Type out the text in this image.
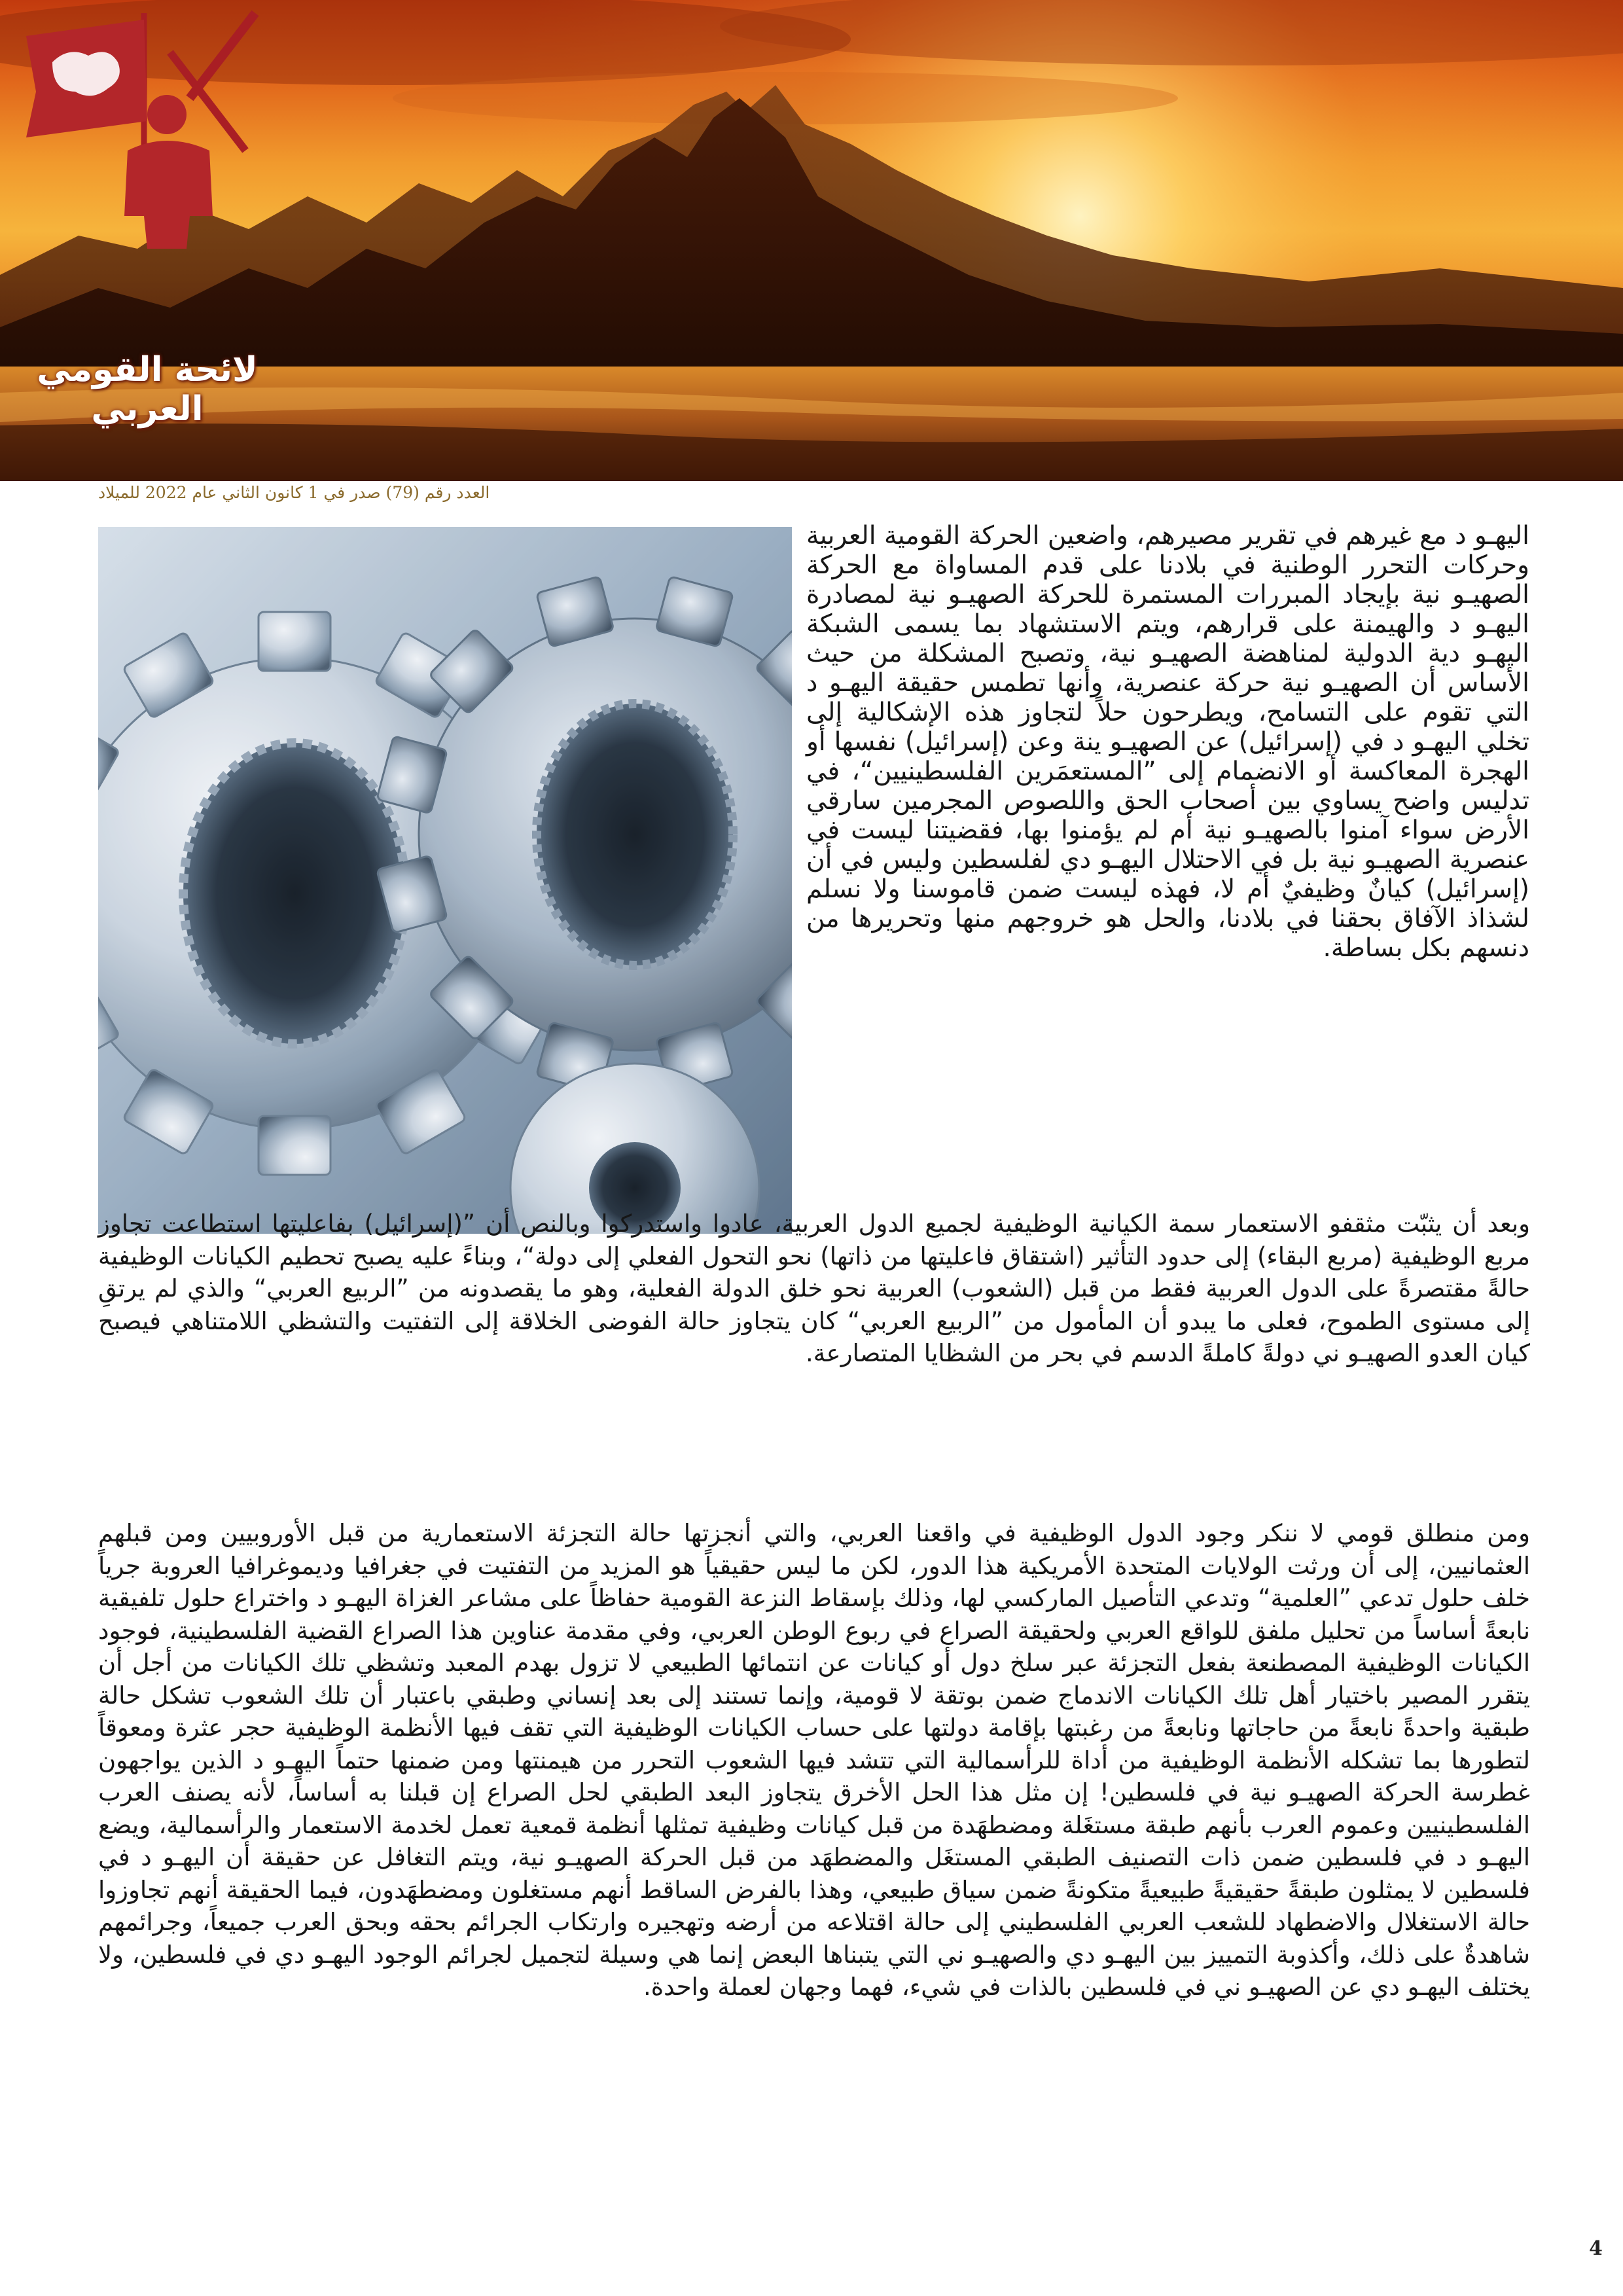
لائحة القومي العربي
العدد رقم (79) صدر في 1 كانون الثاني عام 2022 للميلاد
اليهـو د مع غيرهم في تقرير مصيرهم، واضعين الحركة القومية العربية وحركات التحرر الوطنية في بلادنا على قدم المساواة مع الحركة الصهيـو نية بإيجاد المبررات المستمرة للحركة الصهيـو نية لمصادرة اليهـو د والهيمنة على قرارهم، ويتم الاستشهاد بما يسمى الشبكة اليهـو دية الدولية لمناهضة الصهيـو نية، وتصبح المشكلة من حيث الأساس أن الصهيـو نية حركة عنصرية، وأنها تطمس حقيقة اليهـو د التي تقوم على التسامح، ويطرحون حلاً لتجاوز هذه الإشكالية إلى تخلي اليهـو د في (إسرائيل) عن الصهيـو ينة وعن (إسرائيل) نفسها أو الهجرة المعاكسة أو الانضمام إلى ”المستعمَرين الفلسطينيين“، في تدليس واضح يساوي بين أصحاب الحق واللصوص المجرمين سارقي الأرض سواء آمنوا بالصهيـو نية أم لم يؤمنوا بها، فقضيتنا ليست في عنصرية الصهيـو نية بل في الاحتلال اليهـو دي لفلسطين وليس في أن (إسرائيل) كيانٌ وظيفيٌ أم لا، فهذه ليست ضمن قاموسنا ولا نسلم لشذاذ الآفاق بحقنا في بلادنا، والحل هو خروجهم منها وتحريرها من دنسهم بكل بساطة.
وبعد أن يثبّت مثقفو الاستعمار سمة الكيانية الوظيفية لجميع الدول العربية، عادوا واستدركوا وبالنص أن ”(إسرائيل) بفاعليتها استطاعت تجاوز مربع الوظيفية (مربع البقاء) إلى حدود التأثير (اشتقاق فاعليتها من ذاتها) نحو التحول الفعلي إلى دولة“، وبناءً عليه يصبح تحطيم الكيانات الوظيفية حالةً مقتصرةً على الدول العربية فقط من قبل (الشعوب) العربية نحو خلق الدولة الفعلية، وهو ما يقصدونه من ”الربيع العربي“ والذي لم يرتقِ إلى مستوى الطموح، فعلى ما يبدو أن المأمول من ”الربيع العربي“ كان يتجاوز حالة الفوضى الخلاقة إلى التفتيت والتشظي اللامتناهي فيصبح كيان العدو الصهيـو ني دولةً كاملةً الدسم في بحر من الشظايا المتصارعة.
ومن منطلق قومي لا ننكر وجود الدول الوظيفية في واقعنا العربي، والتي أنجزتها حالة التجزئة الاستعمارية من قبل الأوروبيين ومن قبلهم العثمانيين، إلى أن ورثت الولايات المتحدة الأمريكية هذا الدور، لكن ما ليس حقيقياً هو المزيد من التفتيت في جغرافيا وديموغرافيا العروبة جرياً خلف حلول تدعي ”العلمية“ وتدعي التأصيل الماركسي لها، وذلك بإسقاط النزعة القومية حفاظاً على مشاعر الغزاة اليهـو د واختراع حلول تلفيقية نابعةً أساساً من تحليل ملفق للواقع العربي ولحقيقة الصراع في ربوع الوطن العربي، وفي مقدمة عناوين هذا الصراع القضية الفلسطينية، فوجود الكيانات الوظيفية المصطنعة بفعل التجزئة عبر سلخ دول أو كيانات عن انتمائها الطبيعي لا تزول بهدم المعبد وتشظي تلك الكيانات من أجل أن يتقرر المصير باختيار أهل تلك الكيانات الاندماج ضمن بوتقة لا قومية، وإنما تستند إلى بعد إنساني وطبقي باعتبار أن تلك الشعوب تشكل حالة طبقية واحدةً نابعةً من حاجاتها ونابعةً من رغبتها بإقامة دولتها على حساب الكيانات الوظيفية التي تقف فيها الأنظمة الوظيفية حجر عثرة ومعوقاً لتطورها بما تشكله الأنظمة الوظيفية من أداة للرأسمالية التي تتشد فيها الشعوب التحرر من هيمنتها ومن ضمنها حتماً اليهـو د الذين يواجهون غطرسة الحركة الصهيـو نية في فلسطين! إن مثل هذا الحل الأخرق يتجاوز البعد الطبقي لحل الصراع إن قبلنا به أساساً، لأنه يصنف العرب الفلسطينيين وعموم العرب بأنهم طبقة مستغَلة ومضطهَدة من قبل كيانات وظيفية تمثلها أنظمة قمعية تعمل لخدمة الاستعمار والرأسمالية، ويضع اليهـو د في فلسطين ضمن ذات التصنيف الطبقي المستغَل والمضطهَد من قبل الحركة الصهيـو نية، ويتم التغافل عن حقيقة أن اليهـو د في فلسطين لا يمثلون طبقةً حقيقيةً طبيعيةً متكونةً ضمن سياق طبيعي، وهذا بالفرض الساقط أنهم مستغلون ومضطهَدون، فيما الحقيقة أنهم تجاوزوا حالة الاستغلال والاضطهاد للشعب العربي الفلسطيني إلى حالة اقتلاعه من أرضه وتهجيره وارتكاب الجرائم بحقه وبحق العرب جميعاً، وجرائمهم شاهدةٌ على ذلك، وأكذوبة التمييز بين اليهـو دي والصهيـو ني التي يتبناها البعض إنما هي وسيلة لتجميل لجرائم الوجود اليهـو دي في فلسطين، ولا يختلف اليهـو دي عن الصهيـو ني في فلسطين بالذات في شيء، فهما وجهان لعملة واحدة.
4
